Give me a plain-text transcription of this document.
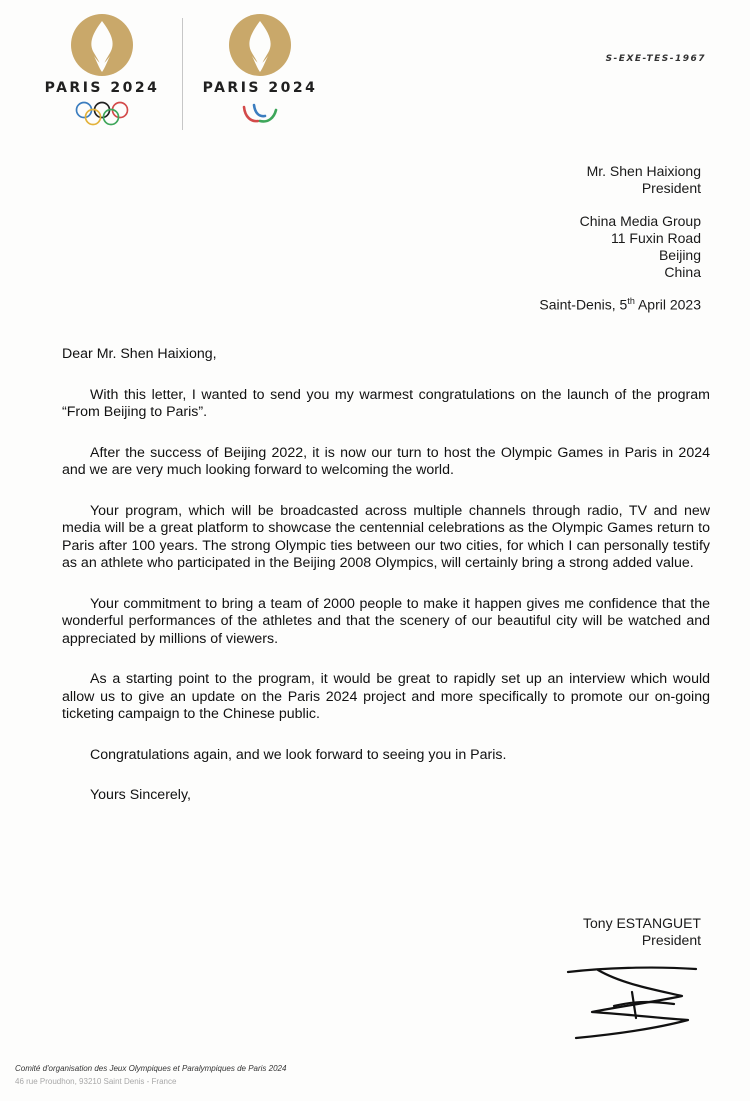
PARIS 2024	PARIS 2024
S-EXE-TES-1967
Mr. Shen Haixiong
President
China Media Group
11 Fuxin Road
Beijing
China
Saint-Denis, 5th April 2023

Dear Mr. Shen Haixiong,

With this letter, I wanted to send you my warmest congratulations on the launch of the program “From Beijing to Paris”.

After the success of Beijing 2022, it is now our turn to host the Olympic Games in Paris in 2024 and we are very much looking forward to welcoming the world.

Your program, which will be broadcasted across multiple channels through radio, TV and new media will be a great platform to showcase the centennial celebrations as the Olympic Games return to Paris after 100 years. The strong Olympic ties between our two cities, for which I can personally testify as an athlete who participated in the Beijing 2008 Olympics, will certainly bring a strong added value.

Your commitment to bring a team of 2000 people to make it happen gives me confidence that the wonderful performances of the athletes and that the scenery of our beautiful city will be watched and appreciated by millions of viewers.

As a starting point to the program, it would be great to rapidly set up an interview which would allow us to give an update on the Paris 2024 project and more specifically to promote our on-going ticketing campaign to the Chinese public.

Congratulations again, and we look forward to seeing you in Paris.

Yours Sincerely,

Tony ESTANGUET
President
Comité d'organisation des Jeux Olympiques et Paralympiques de Paris 2024
46 rue Proudhon, 93210 Saint Denis - France
